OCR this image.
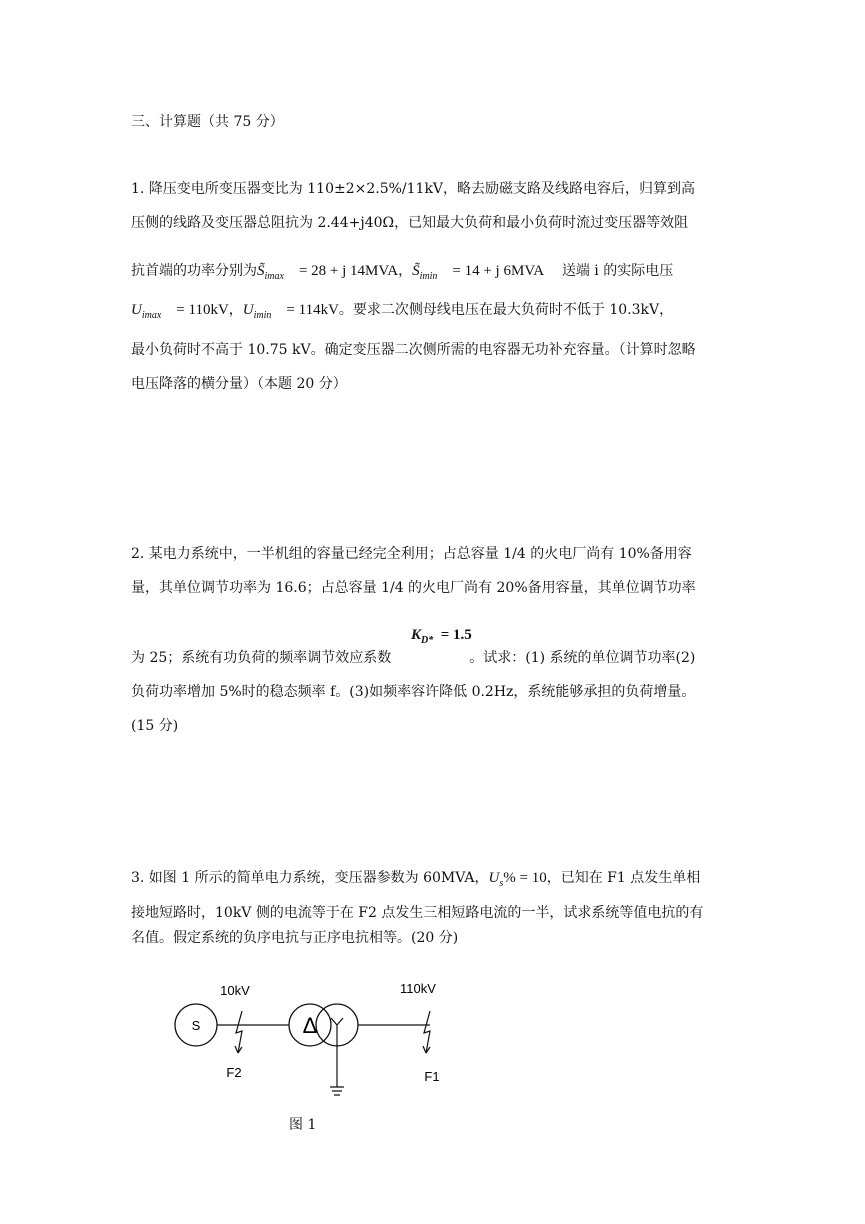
三、计算题（共 75 分）
1. 降压变电所变压器变比为 110±2×2.5%/11kV，略去励磁支路及线路电容后，归算到高
压侧的线路及变压器总阻抗为 2.44+j40Ω，已知最大负荷和最小负荷时流过变压器等效阻
抗首端的功率分别为$S̃_{imax} = 28 + j$ 14MVA，$S̃_{imin} = 14 + j$ 6MVA 送端 i 的实际电压
$U_{imax} = 110kV$，$U_{imin} = 114kV$。要求二次侧母线电压在最大负荷时不低于 10.3kV，
最小负荷时不高于 10.75 kV。确定变压器二次侧所需的电容器无功补充容量。（计算时忽略
电压降落的横分量）（本题 20 分）
2. 某电力系统中，一半机组的容量已经完全利用；占总容量 1/4 的火电厂尚有 10%备用容
量，其单位调节功率为 16.6；占总容量 1/4 的火电厂尚有 20%备用容量，其单位调节功率
$K_{D*} = 1.5$
为 25；系统有功负荷的频率调节效应系数	。试求：(1) 系统的单位调节功率(2)
负荷功率增加 5%时的稳态频率 f。(3)如频率容许降低 0.2Hz，系统能够承担的负荷增量。
(15 分)
3. 如图 1 所示的简单电力系统，变压器参数为 60MVA，$U_s\% = 10$，已知在 F1 点发生单相
接地短路时，10kV 侧的电流等于在 F2 点发生三相短路电流的一半，试求系统等值电抗的有
名值。假定系统的负序电抗与正序电抗相等。(20 分)
S
10kV
F2
Δ
110kV
F1
图 1
